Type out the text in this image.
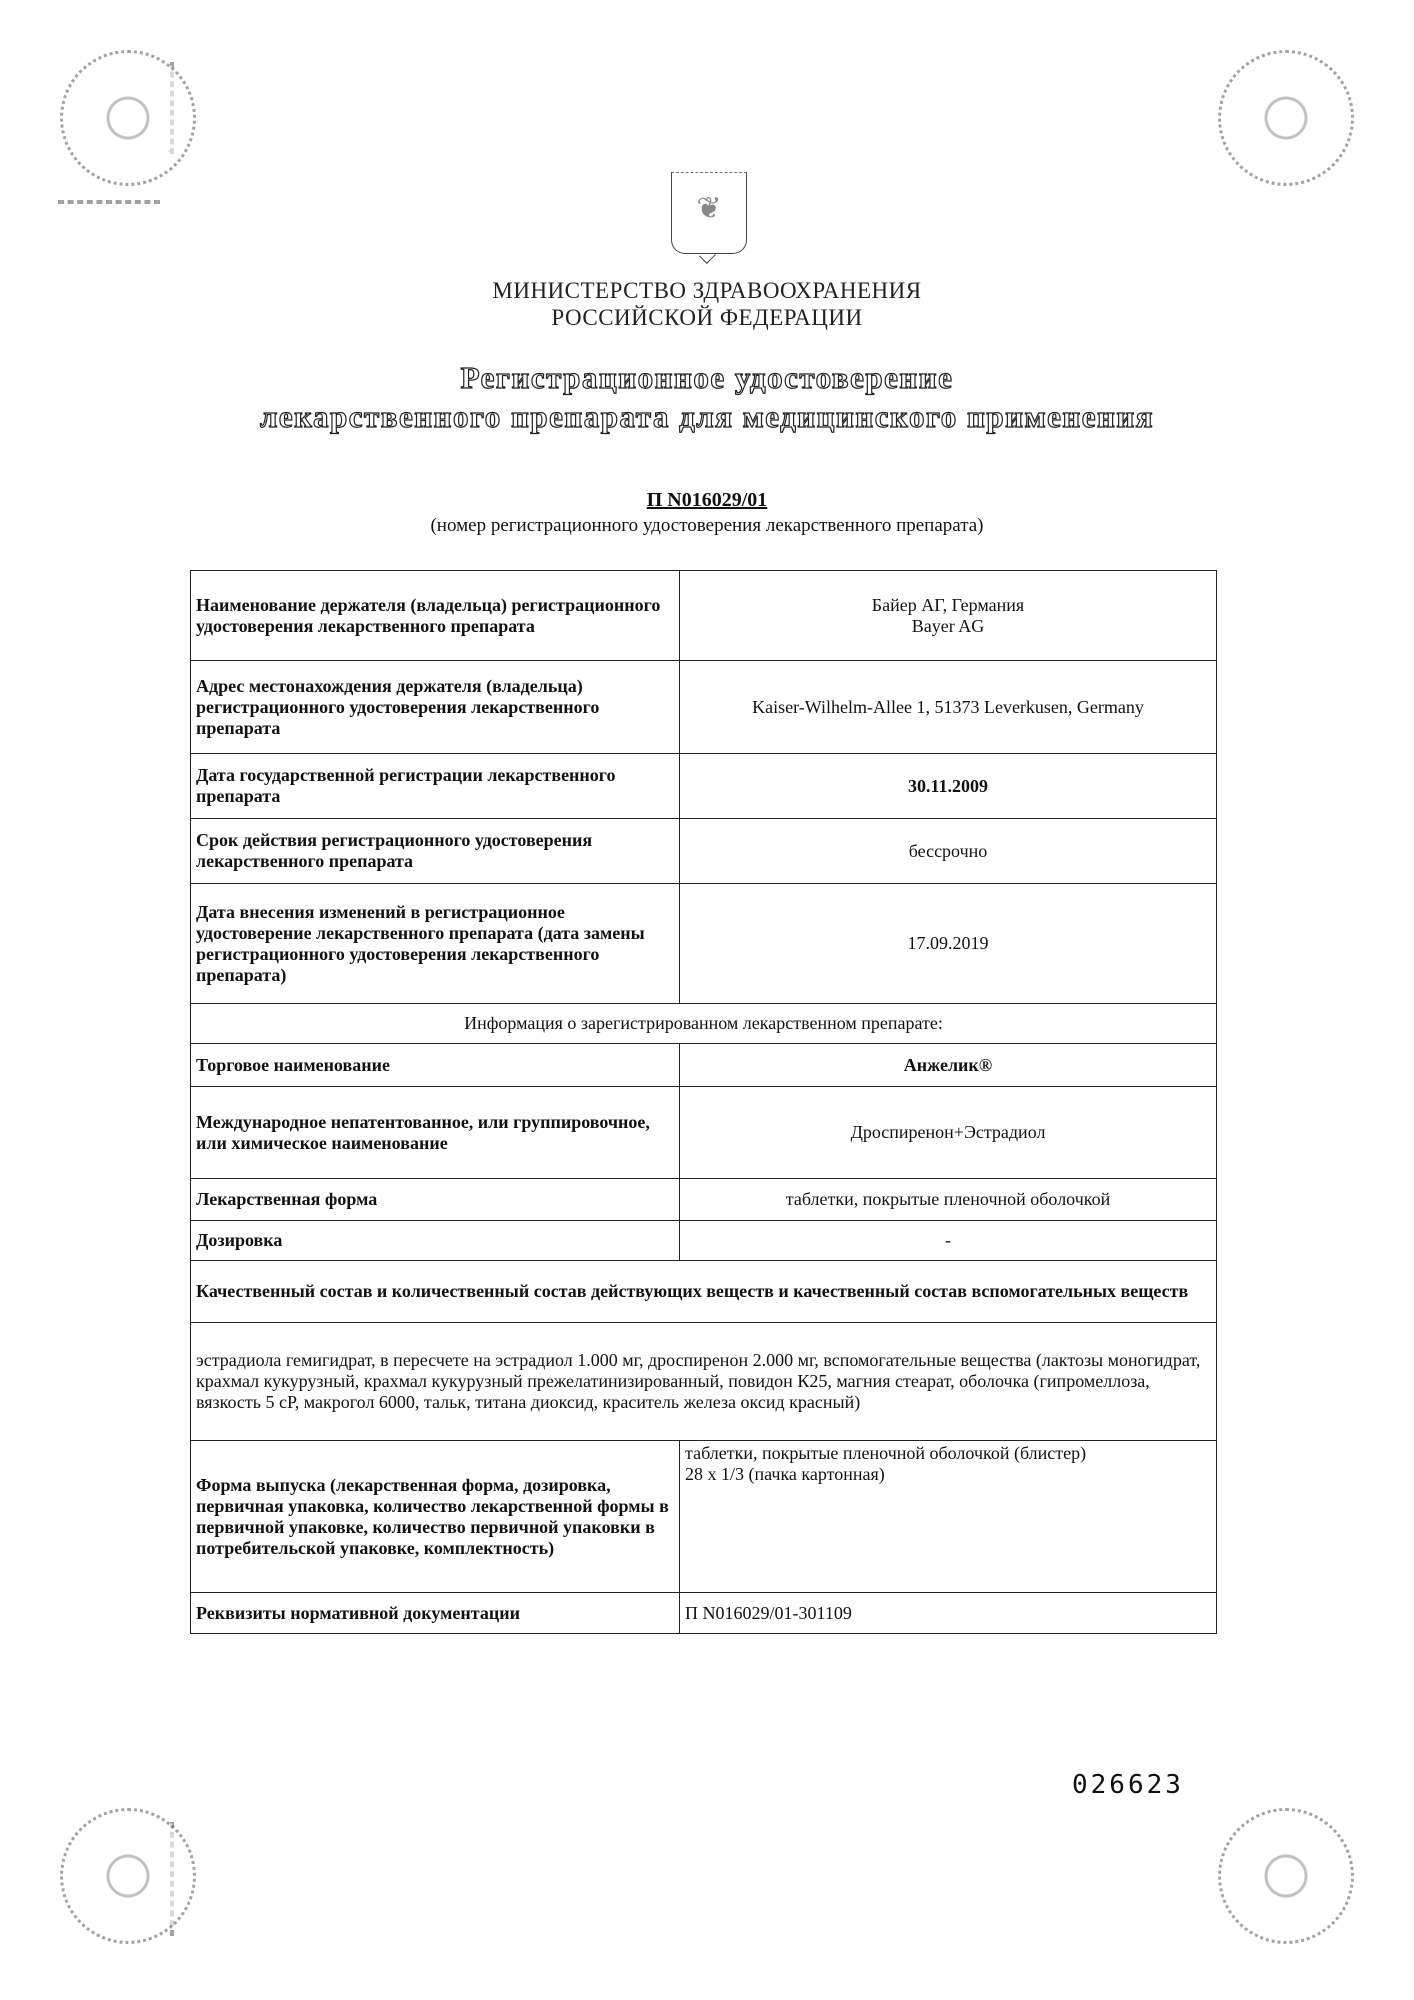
❦
МИНИСТЕРСТВО ЗДРАВООХРАНЕНИЯ
РОССИЙСКОЙ ФЕДЕРАЦИИ
Регистрационное удостоверение
лекарственного препарата для медицинского применения
П N016029/01
(номер регистрационного удостоверения лекарственного препарата)
Наименование держателя (владельца) регистрационного удостоверения лекарственного препарата	Байер АГ, Германия
Bayer AG

Адрес местонахождения держателя (владельца) регистрационного удостоверения лекарственного препарата	Kaiser-Wilhelm-Allee 1, 51373 Leverkusen, Germany
Дата государственной регистрации лекарственного препарата	30.11.2009
Срок действия регистрационного удостоверения лекарственного препарата	бессрочно
Дата внесения изменений в регистрационное удостоверение лекарственного препарата (дата замены регистрационного удостоверения лекарственного препарата)	17.09.2019
Информация о зарегистрированном лекарственном препарате:	
Торговое наименование	Анжелик®
Международное непатентованное, или группировочное, или химическое наименование	Дроспиренон+Эстрадиол
Лекарственная форма	таблетки, покрытые пленочной оболочкой
Дозировка	-
Качественный состав и количественный состав действующих веществ и качественный состав вспомогательных веществ	
эстрадиола гемигидрат, в пересчете на эстрадиол 1.000 мг, дроспиренон 2.000 мг, вспомогательные вещества (лактозы моногидрат, крахмал кукурузный, крахмал кукурузный прежелатинизированный, повидон К25, магния стеарат, оболочка (гипромеллоза, вязкость 5 сР, макрогол 6000, тальк, титана диоксид, краситель железа оксид красный)	
Форма выпуска (лекарственная форма, дозировка, первичная упаковка, количество лекарственной формы в первичной упаковке, количество первичной упаковки в потребительской упаковке, комплектность)	таблетки, покрытые пленочной оболочкой (блистер)
28 х 1/3 (пачка картонная)

Реквизиты нормативной документации	П N016029/01-301109
026623
